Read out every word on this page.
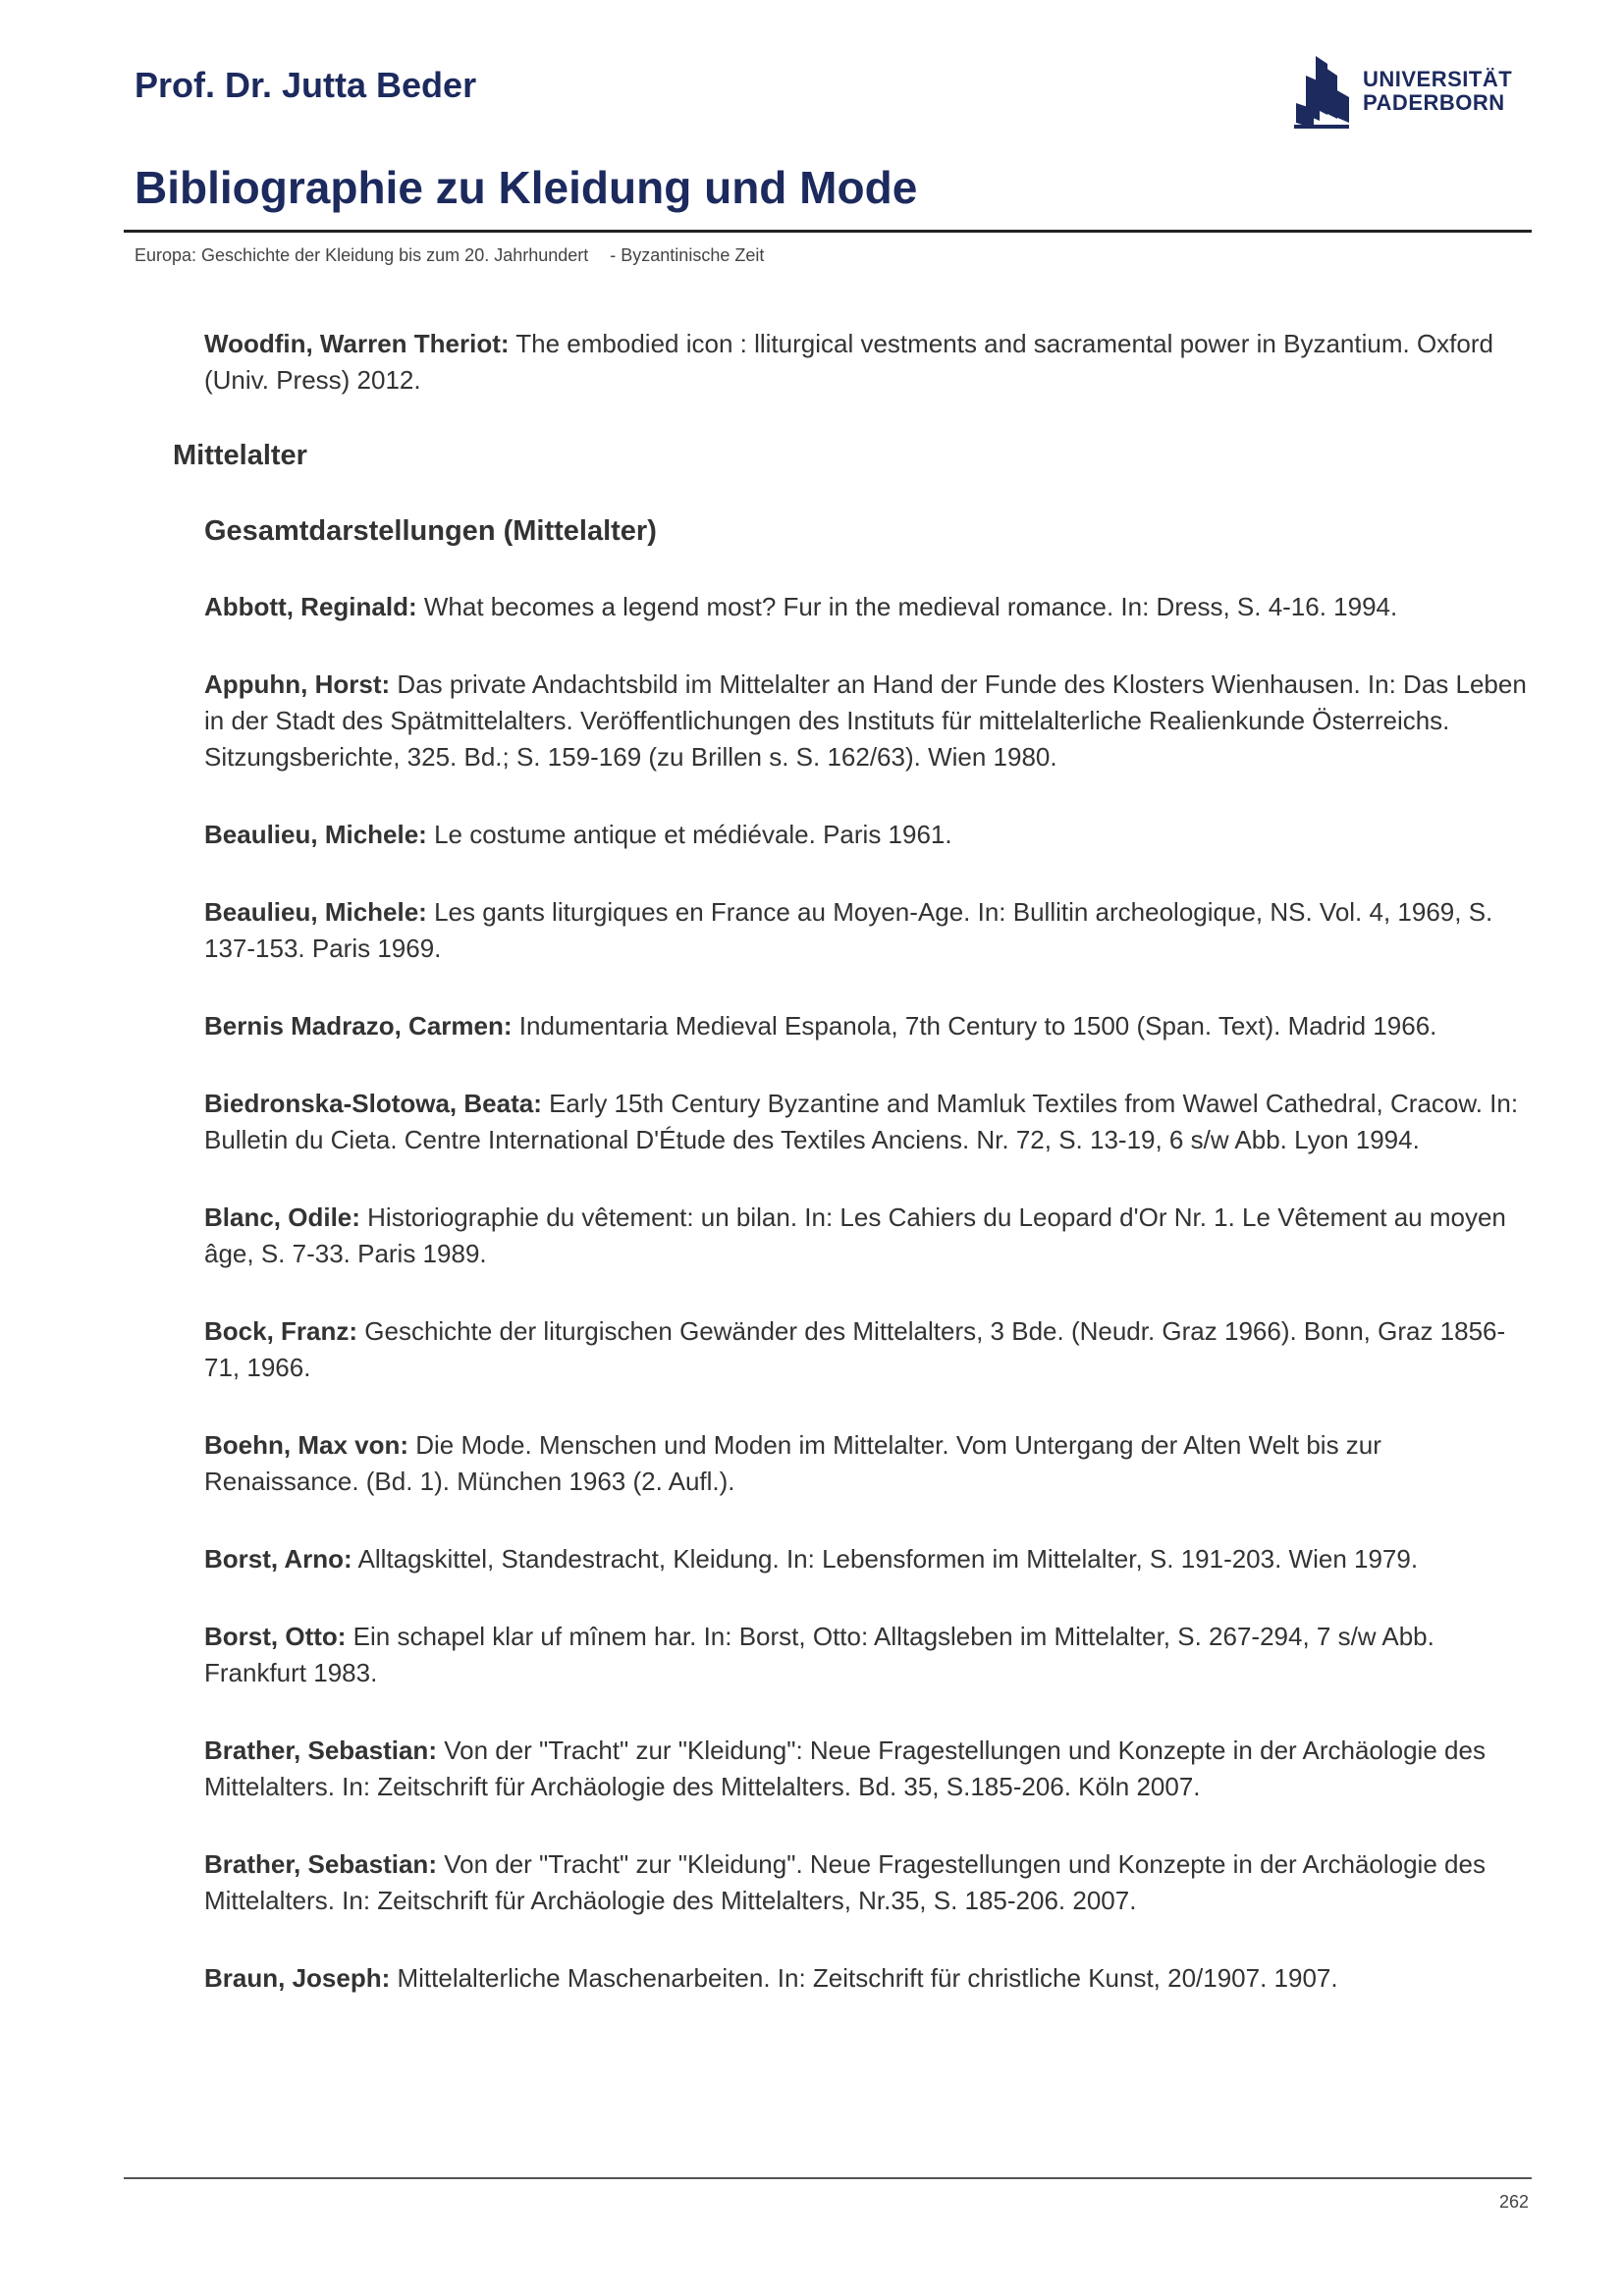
Prof. Dr. Jutta Beder	UNIVERSITÄT
PADERBORN
Bibliographie zu Kleidung und Mode
Europa: Geschichte der Kleidung bis zum 20. Jahrhundert - Byzantinische Zeit

Woodfin, Warren Theriot: The embodied icon : lliturgical vestments and sacramental power in Byzantium. Oxford (Univ. Press) 2012.

Mittelalter
Gesamtdarstellungen (Mittelalter)

Abbott, Reginald: What becomes a legend most? Fur in the medieval romance. In: Dress, S. 4-16. 1994.

Appuhn, Horst: Das private Andachtsbild im Mittelalter an Hand der Funde des Klosters Wienhausen. In: Das Leben in der Stadt des Spätmittelalters. Veröffentlichungen des Instituts für mittelalterliche Realienkunde Österreichs. Sitzungsberichte, 325. Bd.; S. 159-169 (zu Brillen s. S. 162/63). Wien 1980.

Beaulieu, Michele: Le costume antique et médiévale. Paris 1961.

Beaulieu, Michele: Les gants liturgiques en France au Moyen-Age. In: Bullitin archeologique, NS. Vol. 4, 1969, S. 137-153. Paris 1969.

Bernis Madrazo, Carmen: Indumentaria Medieval Espanola, 7th Century to 1500 (Span. Text). Madrid 1966.

Biedronska-Slotowa, Beata: Early 15th Century Byzantine and Mamluk Textiles from Wawel Cathedral, Cracow. In: Bulletin du Cieta. Centre International D'Étude des Textiles Anciens. Nr. 72, S. 13-19, 6 s/w Abb. Lyon 1994.

Blanc, Odile: Historiographie du vêtement: un bilan. In: Les Cahiers du Leopard d'Or Nr. 1. Le Vêtement au moyen âge, S. 7-33. Paris 1989.

Bock, Franz: Geschichte der liturgischen Gewänder des Mittelalters, 3 Bde. (Neudr. Graz 1966). Bonn, Graz 1856-71, 1966.

Boehn, Max von: Die Mode. Menschen und Moden im Mittelalter. Vom Untergang der Alten Welt bis zur Renaissance. (Bd. 1). München 1963 (2. Aufl.).

Borst, Arno: Alltagskittel, Standestracht, Kleidung. In: Lebensformen im Mittelalter, S. 191-203. Wien 1979.

Borst, Otto: Ein schapel klar uf mînem har. In: Borst, Otto: Alltagsleben im Mittelalter, S. 267-294, 7 s/w Abb. Frankfurt 1983.

Brather, Sebastian: Von der "Tracht" zur "Kleidung": Neue Fragestellungen und Konzepte in der Archäologie des Mittelalters. In: Zeitschrift für Archäologie des Mittelalters. Bd. 35, S.185-206. Köln 2007.

Brather, Sebastian: Von der "Tracht" zur "Kleidung". Neue Fragestellungen und Konzepte in der Archäologie des Mittelalters. In: Zeitschrift für Archäologie des Mittelalters, Nr.35, S. 185-206. 2007.

Braun, Joseph: Mittelalterliche Maschenarbeiten. In: Zeitschrift für christliche Kunst, 20/1907. 1907.

262
